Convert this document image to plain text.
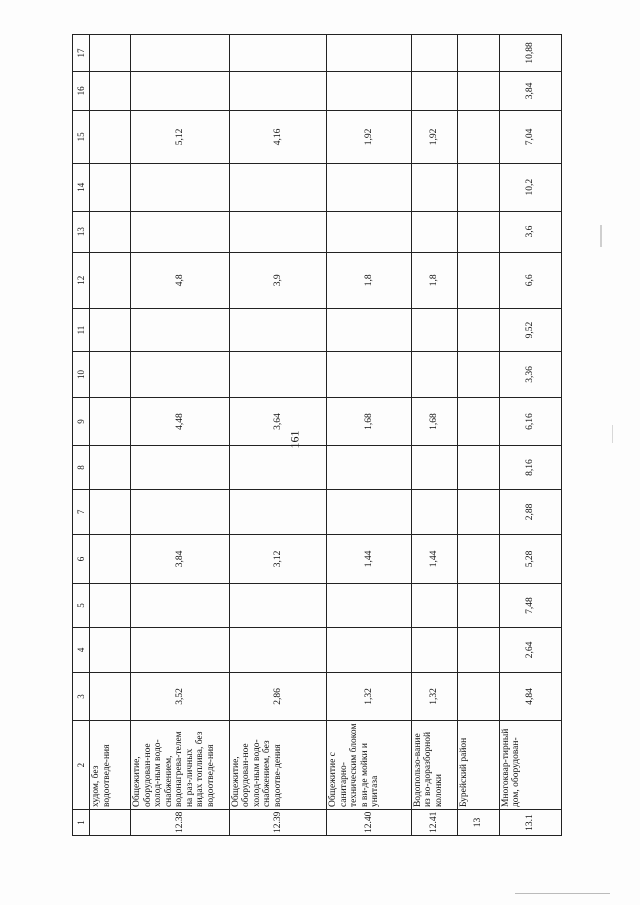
161
1	2	3	4	5	6	7	8	9	10	11	12	13	14	15	16	17
	худом, без водоотведе-ния															
12.38	Общежитие, оборудован-ное холод-ным водо-снабжением, водонагрева-телем на раз-личных видах топлива, без водоотведе-ния	3,52			3,84			4,48			4,8			5,12		
12.39	Общежитие, оборудован-ное холод-ным водо-снабжением, без водоотве-дения	2,86			3,12			3,64			3,9			4,16		
12.40	Общежитие с санитарно-техническим блоком в ви-де мойки и унитаза	1,32			1,44			1,68			1,8			1,92		
12.41	Водопользо-вание из во-доразборной колонки	1,32			1,44			1,68			1,8			1,92		
13	Бурейский район															
13.1	Многоквар-тирный дом, оборудован-	4,84	2,64	7,48	5,28	2,88	8,16	6,16	3,36	9,52	6,6	3,6	10,2	7,04	3,84	10,88
